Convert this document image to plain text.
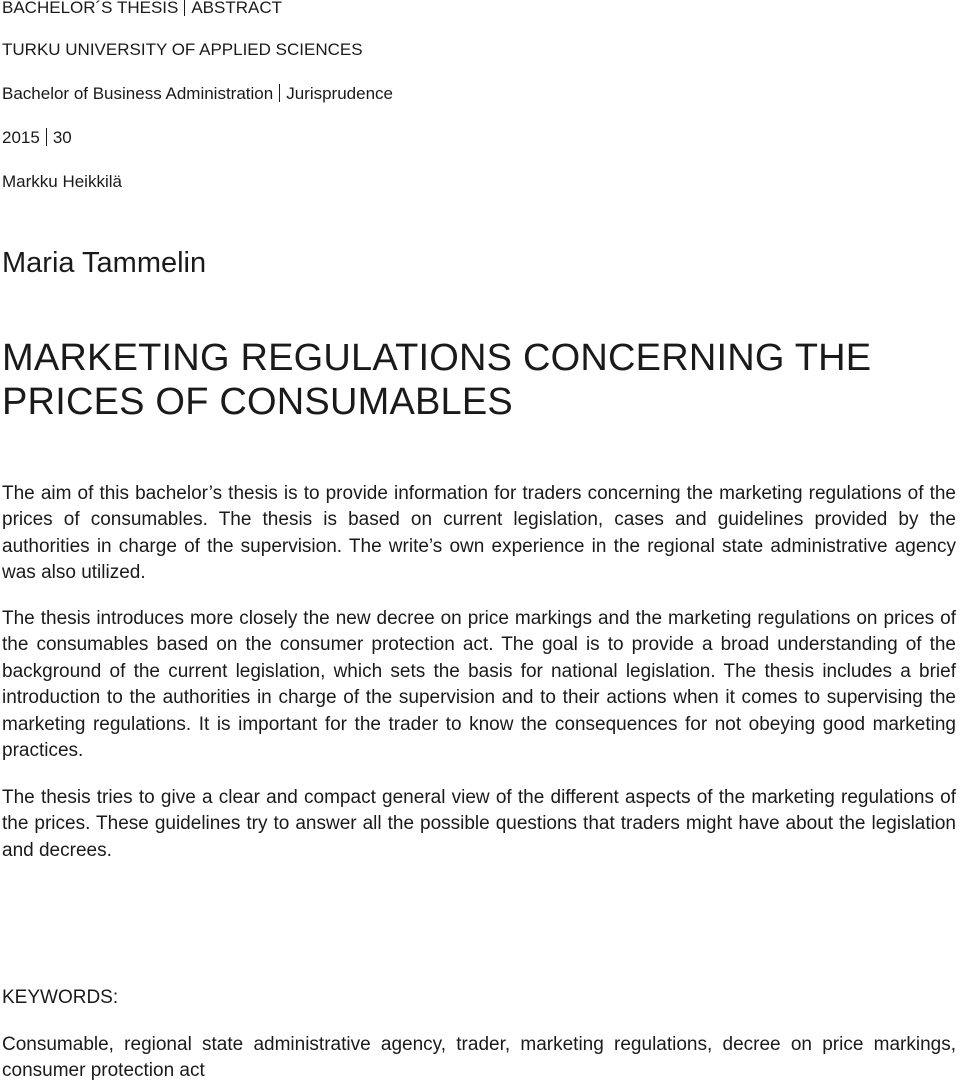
BACHELOR´S THESIS ABSTRACT

TURKU UNIVERSITY OF APPLIED SCIENCES

Bachelor of Business Administration Jurisprudence

2015 30

Markku Heikkilä

Maria Tammelin
MARKETING REGULATIONS CONCERNING THE PRICES OF CONSUMABLES

The aim of this bachelor’s thesis is to provide information for traders concerning the marketing regulations of the prices of consumables. The thesis is based on current legislation, cases and guidelines provided by the authorities in charge of the supervision. The write’s own experience in the regional state administrative agency was also utilized.

The thesis introduces more closely the new decree on price markings and the marketing regulations on prices of the consumables based on the consumer protection act. The goal is to provide a broad understanding of the background of the current legislation, which sets the basis for national legislation. The thesis includes a brief introduction to the authorities in charge of the supervision and to their actions when it comes to supervising the marketing regulations. It is important for the trader to know the consequences for not obeying good marketing practices.

The thesis tries to give a clear and compact general view of the different aspects of the marketing regulations of the prices. These guidelines try to answer all the possible questions that traders might have about the legislation and decrees.

KEYWORDS:

Consumable, regional state administrative agency, trader, marketing regulations, decree on price markings, consumer protection act
